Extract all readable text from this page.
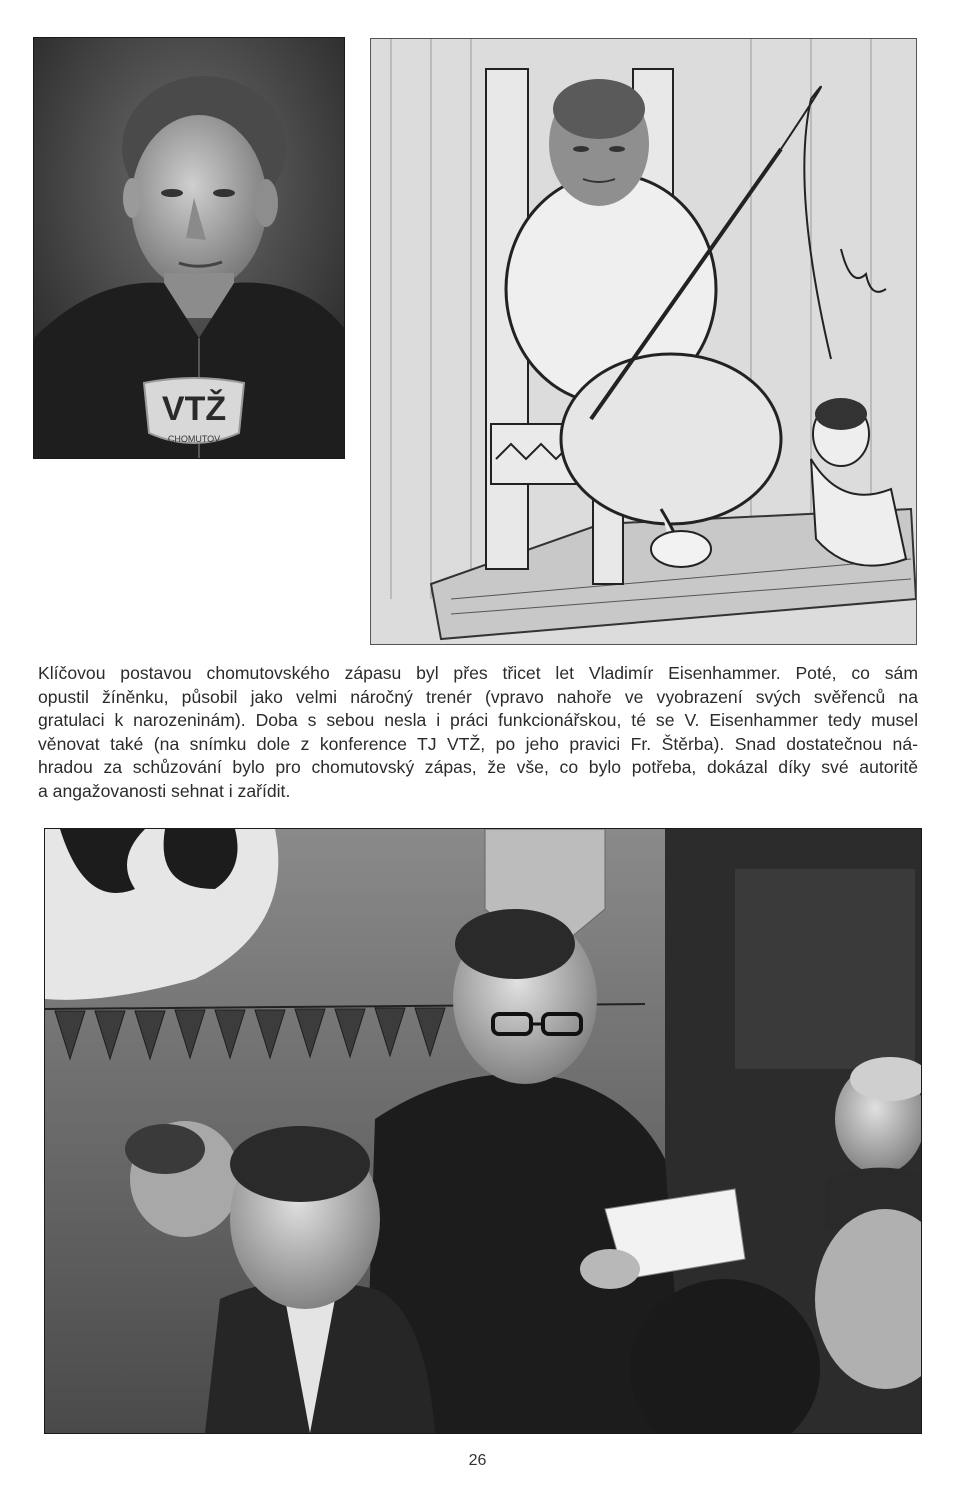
VTŽ
CHOMUTOV
Klíčovou postavou chomutovského zápasu byl přes třicet let Vladimír Eisenhammer. Poté, co sám
opustil žíněnku, působil jako velmi náročný trenér (vpravo nahoře ve vyobrazení svých svěřenců na
gratulaci k narozeninám). Doba s sebou nesla i práci funkcionářskou, té se V. Eisenhammer tedy musel
věnovat také (na snímku dole z konference TJ VTŽ, po jeho pravici Fr. Štěrba). Snad dostatečnou ná-
hradou za schůzování bylo pro chomutovský zápas, že vše, co bylo potřeba, dokázal díky své autoritě
a angažovanosti sehnat i zařídit.
26
